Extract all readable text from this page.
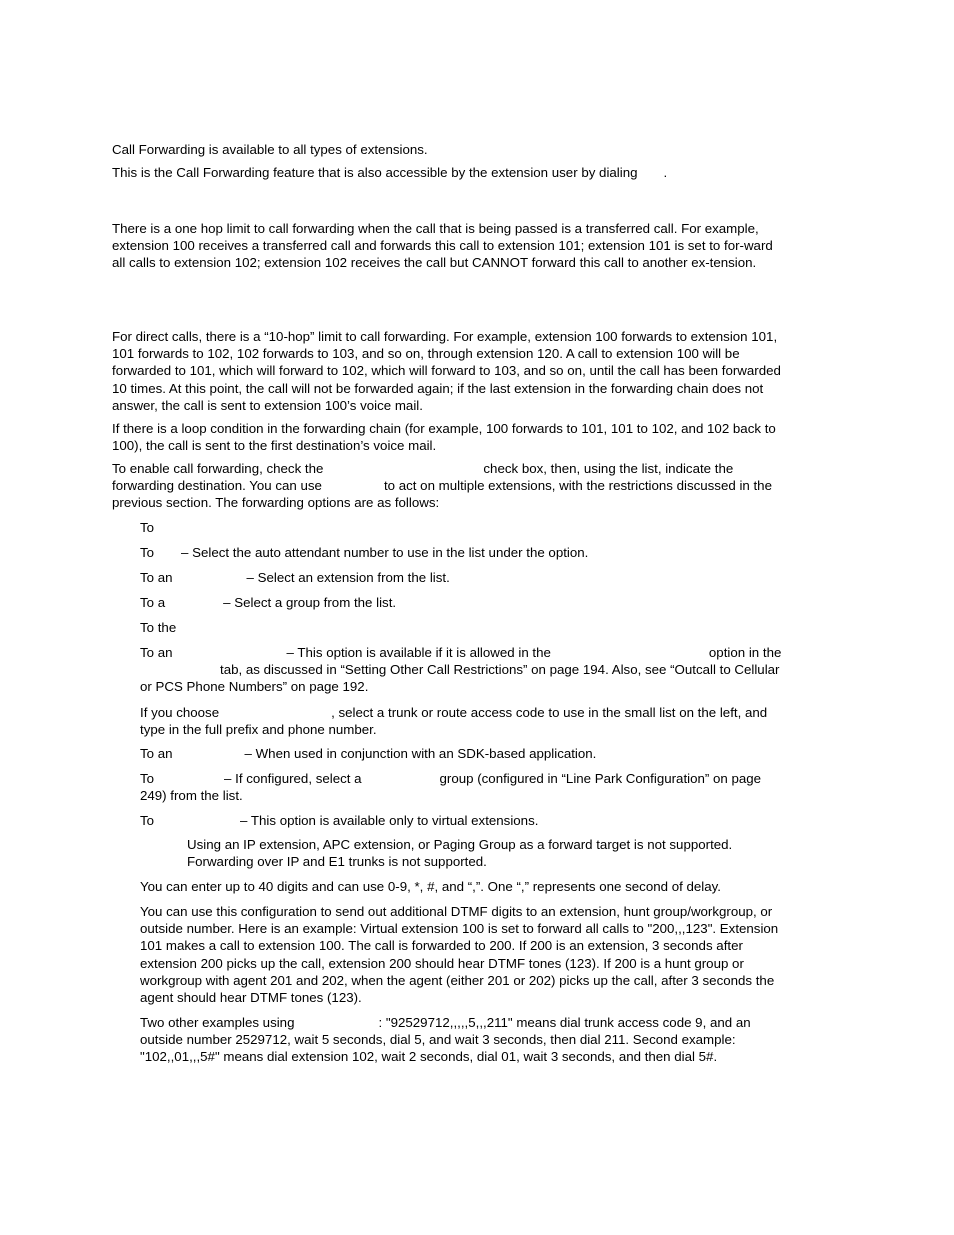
Call Forwarding is available to all types of extensions.

This is the Call Forwarding feature that is also accessible by the extension user by dialing .

There is a one hop limit to call forwarding when the call that is being passed is a transferred call. For example, extension 100 receives a transferred call and forwards this call to extension 101; extension 101 is set to for-ward all calls to extension 102; extension 102 receives the call but CANNOT forward this call to another ex-tension.

For direct calls, there is a “10-hop” limit to call forwarding. For example, extension 100 forwards to extension 101, 101 forwards to 102, 102 forwards to 103, and so on, through extension 120. A call to extension 100 will be forwarded to 101, which will forward to 102, which will forward to 103, and so on, until the call has been forwarded 10 times. At this point, the call will not be forwarded again; if the last extension in the forwarding chain does not answer, the call is sent to extension 100’s voice mail.

If there is a loop condition in the forwarding chain (for example, 100 forwards to 101, 101 to 102, and 102 back to 100), the call is sent to the first destination’s voice mail.

To enable call forwarding, check the	check box, then, using the list, indicate the forwarding destination. You can use	to act on multiple extensions, with the restrictions discussed in the previous section. The forwarding options are as follows:

To

To – Select the auto attendant number to use in the list under the option.

To an	– Select an extension from the list.

To a	– Select a group from the list.

To the

To an	– This option is available if it is allowed in the	option in thetab, as discussed in “Setting Other Call Restrictions” on page 194. Also, see “Outcall to Cellular or PCS Phone Numbers” on page 192.

If you choose	, select a trunk or route access code to use in the small list on the left, and type in the full prefix and phone number.

To an	– When used in conjunction with an SDK-based application.

To	– If configured, select a	group (configured in “Line Park Configuration” on page 249) from the list.

To	– This option is available only to virtual extensions.

Using an IP extension, APC extension, or Paging Group as a forward target is not supported. Forwarding over IP and E1 trunks is not supported.

You can enter up to 40 digits and can use 0-9, *, #, and “,”. One “,” represents one second of delay.

You can use this configuration to send out additional DTMF digits to an extension, hunt group/workgroup, or outside number. Here is an example: Virtual extension 100 is set to forward all calls to "200,,,123". Extension 101 makes a call to extension 100. The call is forwarded to 200. If 200 is an extension, 3 seconds after extension 200 picks up the call, extension 200 should hear DTMF tones (123). If 200 is a hunt group or workgroup with agent 201 and 202, when the agent (either 201 or 202) picks up the call, after 3 seconds the agent should hear DTMF tones (123).

Two other examples using	: "92529712,,,,,5,,,211" means dial trunk access code 9, and an outside number 2529712, wait 5 seconds, dial 5, and wait 3 seconds, then dial 211. Second example: "102,,01,,,5#" means dial extension 102, wait 2 seconds, dial 01, wait 3 seconds, and then dial 5#.
